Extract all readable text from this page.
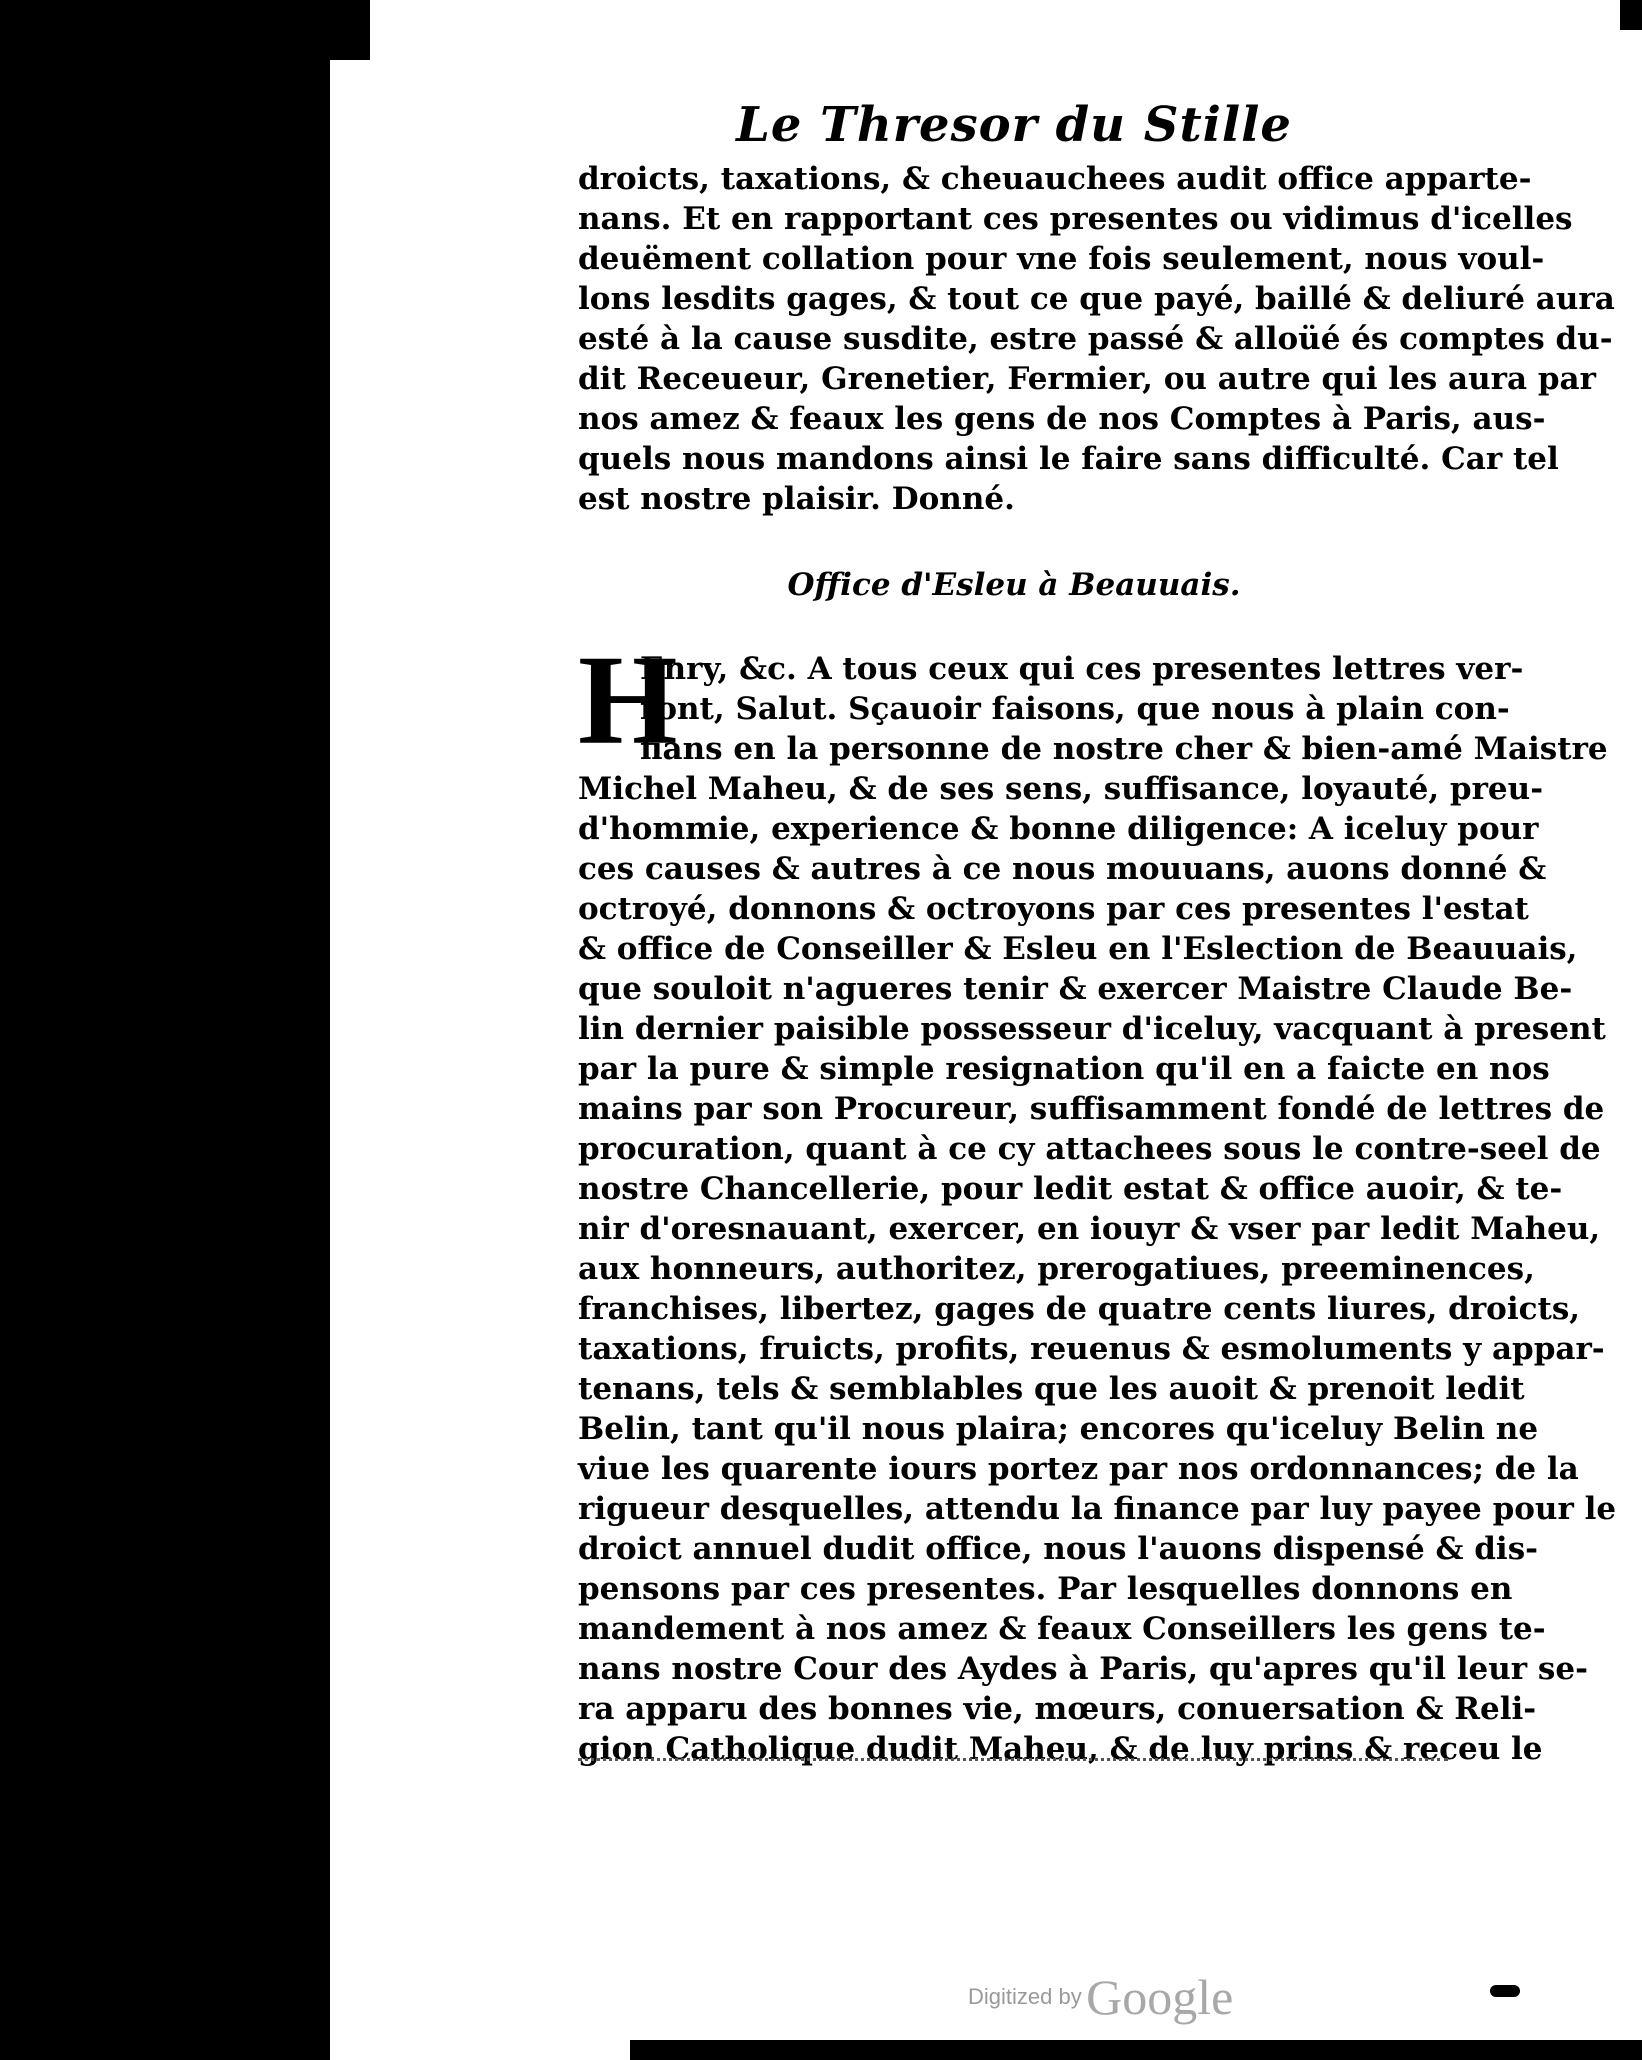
Le Thresor du Stille
droicts, taxations, & cheuauchees audit office apparte-
nans. Et en rapportant ces presentes ou vidimus d'icelles
deuëment collation pour vne fois seulement, nous voul-
lons lesdits gages, & tout ce que payé, baillé & deliuré aura
esté à la cause susdite, estre passé & alloüé és comptes du-
dit Receueur, Grenetier, Fermier, ou autre qui les aura par
nos amez & feaux les gens de nos Comptes à Paris, aus-
quels nous mandons ainsi le faire sans difficulté. Car tel
est nostre plaisir. Donné.
Office d'Esleu à Beauuais.
H
Enry, &c. A tous ceux qui ces presentes lettres ver-
ront, Salut. Sçauoir faisons, que nous à plain con-
fians en la personne de nostre cher & bien-amé Maistre
Michel Maheu, & de ses sens, suffisance, loyauté, preu-
d'hommie, experience & bonne diligence: A iceluy pour
ces causes & autres à ce nous mouuans, auons donné &
octroyé, donnons & octroyons par ces presentes l'estat
& office de Conseiller & Esleu en l'Eslection de Beauuais,
que souloit n'agueres tenir & exercer Maistre Claude Be-
lin dernier paisible possesseur d'iceluy, vacquant à present
par la pure & simple resignation qu'il en a faicte en nos
mains par son Procureur, suffisamment fondé de lettres de
procuration, quant à ce cy attachees sous le contre-seel de
nostre Chancellerie, pour ledit estat & office auoir, & te-
nir d'oresnauant, exercer, en iouyr & vser par ledit Maheu,
aux honneurs, authoritez, prerogatiues, preeminences,
franchises, libertez, gages de quatre cents liures, droicts,
taxations, fruicts, profits, reuenus & esmoluments y appar-
tenans, tels & semblables que les auoit & prenoit ledit
Belin, tant qu'il nous plaira; encores qu'iceluy Belin ne
viue les quarente iours portez par nos ordonnances; de la
rigueur desquelles, attendu la finance par luy payee pour le
droict annuel dudit office, nous l'auons dispensé & dis-
pensons par ces presentes. Par lesquelles donnons en
mandement à nos amez & feaux Conseillers les gens te-
nans nostre Cour des Aydes à Paris, qu'apres qu'il leur se-
ra apparu des bonnes vie, mœurs, conuersation & Reli-
gion Catholique dudit Maheu, & de luy prins & receu le
Digitized by Google
